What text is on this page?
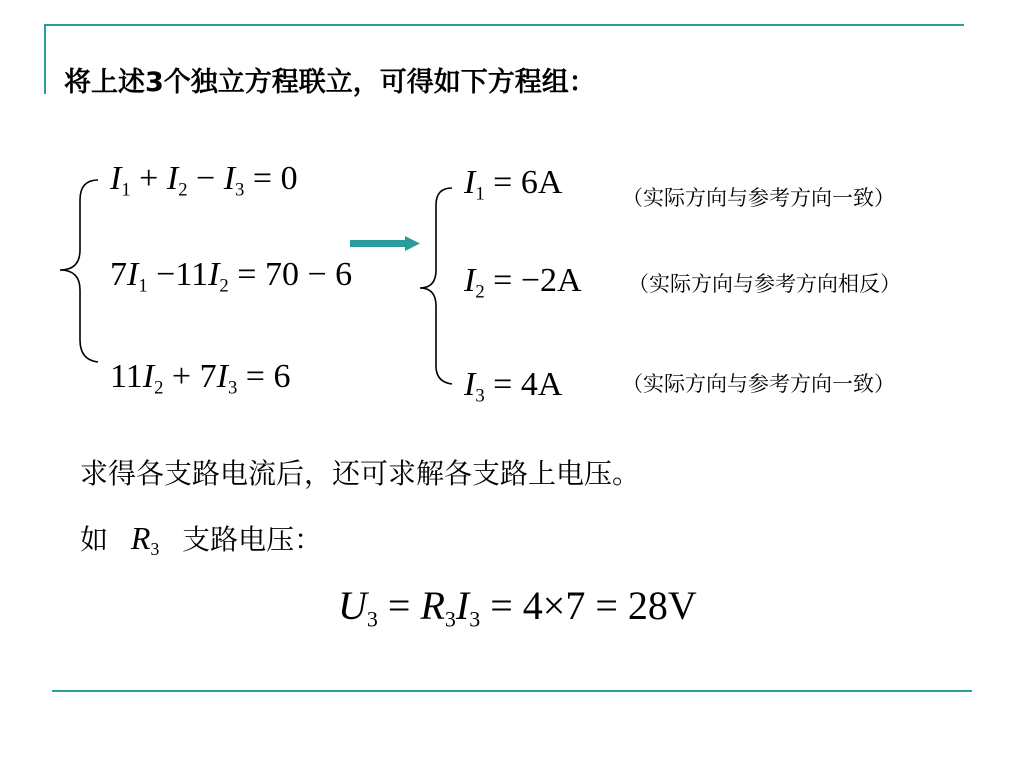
将上述3个独立方程联立，可得如下方程组：
I1 + I2 − I3 = 0
7I1 −11I2 = 70 − 6
11I2 + 7I3 = 6
I1 = 6A	（实际方向与参考方向一致）
I2 = −2A （实际方向与参考方向相反）
I3 = 4A	（实际方向与参考方向一致）
求得各支路电流后，还可求解各支路上电压。
如 R3 支路电压：
U3 = R3I3 = 4×7 = 28V
